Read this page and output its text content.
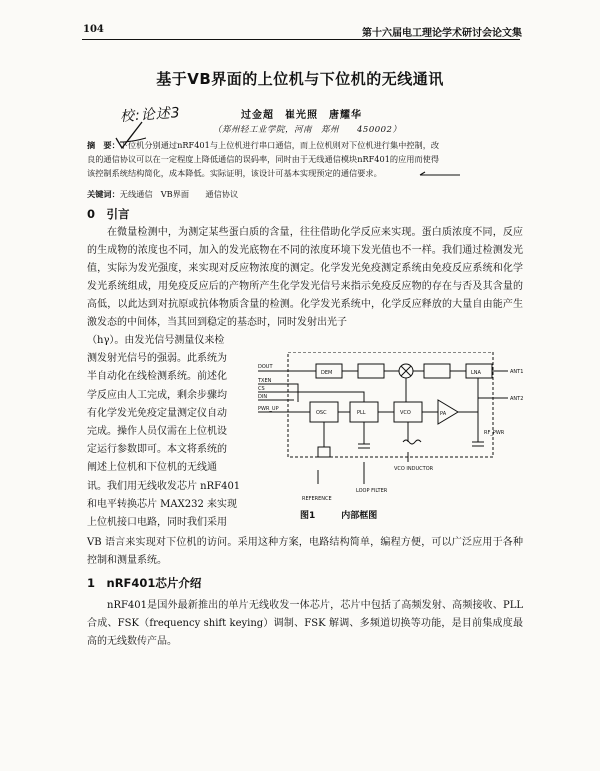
104	第十六届电工理论学术研讨会论文集
基于VB界面的上位机与下位机的无线通讯
校:论述3	过金超　崔光照　唐耀华
（郑州轻工业学院，河南　郑州　　450002）

摘　要：下位机分别通过nRF401与上位机进行串口通信，而上位机则对下位机进行集中控制，改

良的通信协议可以在一定程度上降低通信的误码率，同时由于无线通信模块nRF401的应用而使得

该控制系统结构简化，成本降低。实际证明，该设计可基本实现预定的通信要求。

关键词：无线通信　VB界面　　通信协议
0　引言

在微量检测中，为测定某些蛋白质的含量，往往借助化学反应来实现。蛋白质浓度不同，反应的生成物的浓度也不同，加入的发光底物在不同的浓度环境下发光值也不一样。我们通过检测发光值，实际为发光强度，来实现对反应物浓度的测定。化学发光免疫测定系统由免疫反应系统和化学发光系统组成，用免疫反应后的产物所产生化学发光信号来指示免疫反应物的存在与否及其含量的高低，以此达到对抗原或抗体物质含量的检测。化学发光系统中，化学反应释放的大量自由能产生激发态的中间体，当其回到稳定的基态时，同时发射出光子

（hγ）。由发光信号测量仪来检
测发射光信号的强弱。此系统为
半自动化在线检测系统。前述化
学反应由人工完成，剩余步骤均
有化学发光免疫定量测定仪自动
完成。操作人员仅需在上位机设
定运行参数即可。本文将系统的
阐述上位机和下位机的无线通
讯。我们用无线收发芯片 nRF401
和电平转换芯片 MAX232 来实现
上位机接口电路，同时我们采用
DOUT
TXEN
CS
DIN
PWR_UP
ANT1
ANT2
RF_PWR
DEM	LNA
OSC	PLL	VCO	PA
VCO INDUCTOR
LOOP FILTER
REFERENCE
图1	内部框图
VB 语言来实现对下位机的访问。采用这种方案，电路结构简单，编程方便，可以广泛应用于各种控制和测量系统。
1　nRF401芯片介绍

nRF401是国外最新推出的单片无线收发一体芯片，芯片中包括了高频发射、高频接收、PLL合成、FSK（frequency shift keying）调制、FSK 解调、多频道切换等功能，是目前集成度最高的无线数传产品。
